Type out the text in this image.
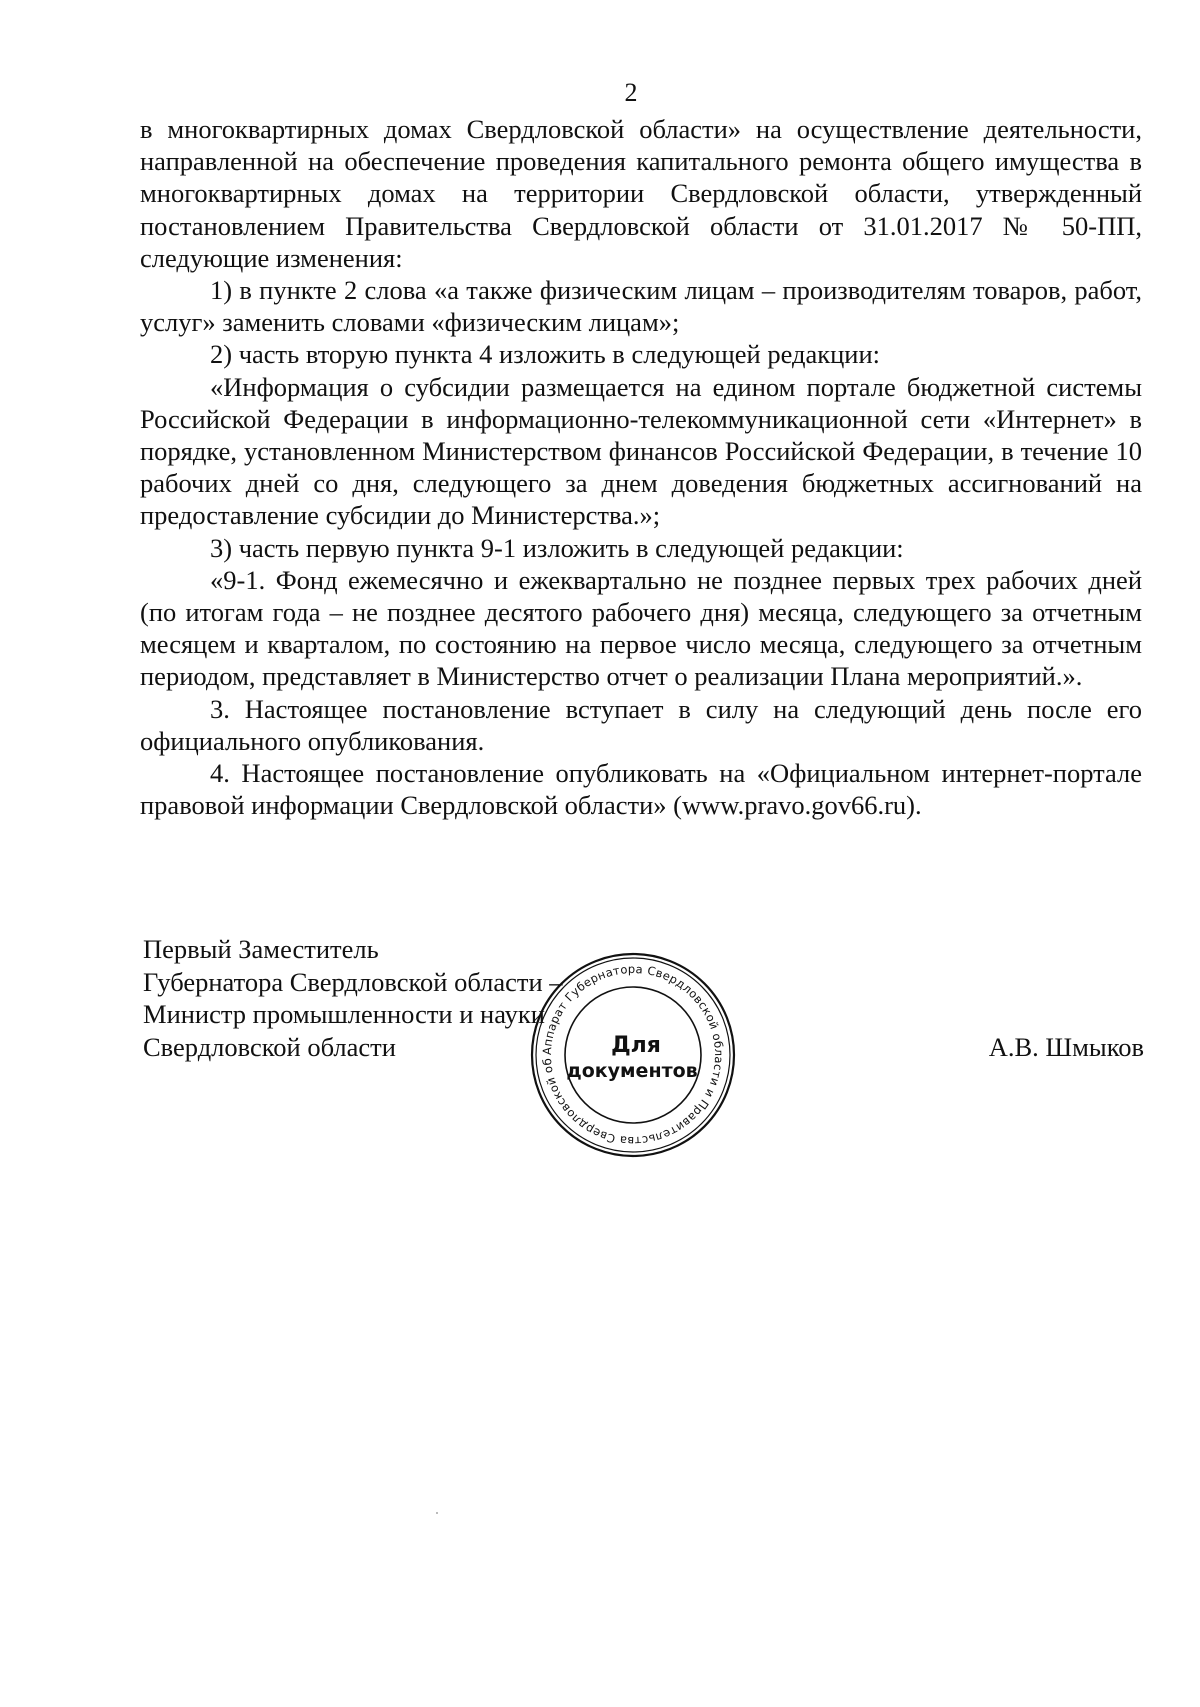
2

в многоквартирных домах Свердловской области» на осуществление деятельности, направленной на обеспечение проведения капитального ремонта общего имущества в многоквартирных домах на территории Свердловской области, утвержденный постановлением Правительства Свердловской области от 31.01.2017 № 50-ПП, следующие изменения:

1) в пункте 2 слова «а также физическим лицам – производителям товаров, работ, услуг» заменить словами «физическим лицам»;

2) часть вторую пункта 4 изложить в следующей редакции:

«Информация о субсидии размещается на едином портале бюджетной системы Российской Федерации в информационно-телекоммуникационной сети «Интернет» в порядке, установленном Министерством финансов Российской Федерации, в течение 10 рабочих дней со дня, следующего за днем доведения бюджетных ассигнований на предоставление субсидии до Министерства.»;

3) часть первую пункта 9-1 изложить в следующей редакции:

«9-1. Фонд ежемесячно и ежеквартально не позднее первых трех рабочих дней (по итогам года – не позднее десятого рабочего дня) месяца, следующего за отчетным месяцем и кварталом, по состоянию на первое число месяца, следующего за отчетным периодом, представляет в Министерство отчет о реализации Плана мероприятий.».

3. Настоящее постановление вступает в силу на следующий день после его официального опубликования.

4. Настоящее постановление опубликовать на «Официальном интернет-портале правовой информации Свердловской области» (www.pravo.gov66.ru).

Первый Заместитель
Губернатора Свердловской области –
Министр промышленности и науки
Свердловской области	А.В. Шмыков
Аппарат Губернатора Свердловской области и Правительства Свердловской области ★
Для
документов
